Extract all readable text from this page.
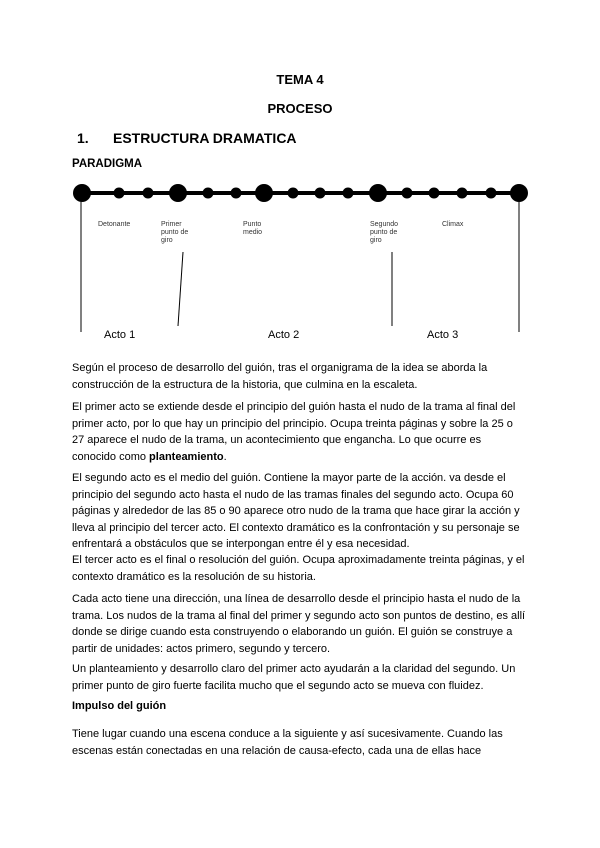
TEMA 4
PROCESO
1. ESTRUCTURA DRAMATICA
PARADIGMA
Detonante	Primer
punto de
giro
Punto
medio
Segundo
punto de
giro
Climax
Acto 1	Acto 2	Acto 3

Según el proceso de desarrollo del guión, tras el organigrama de la idea se aborda la construcción de la estructura de la historia, que culmina en la escaleta.

El primer acto se extiende desde el principio del guión hasta el nudo de la trama al final del primer acto, por lo que hay un principio del principio. Ocupa treinta páginas y sobre la 25 o 27 aparece el nudo de la trama, un acontecimiento que engancha. Lo que ocurre es conocido como planteamiento.

El segundo acto es el medio del guión. Contiene la mayor parte de la acción. va desde el principio del segundo acto hasta el nudo de las tramas finales del segundo acto. Ocupa 60 páginas y alrededor de las 85 o 90 aparece otro nudo de la trama que hace girar la acción y lleva al principio del tercer acto. El contexto dramático es la confrontación y su personaje se enfrentará a obstáculos que se interpongan entre él y esa necesidad.

El tercer acto es el final o resolución del guión. Ocupa aproximadamente treinta páginas, y el contexto dramático es la resolución de su historia.

Cada acto tiene una dirección, una línea de desarrollo desde el principio hasta el nudo de la trama. Los nudos de la trama al final del primer y segundo acto son puntos de destino, es allí donde se dirige cuando esta construyendo o elaborando un guión. El guión se construye a partir de unidades: actos primero, segundo y tercero.

Un planteamiento y desarrollo claro del primer acto ayudarán a la claridad del segundo. Un primer punto de giro fuerte facilita mucho que el segundo acto se mueva con fluidez.

Impulso del guión

Tiene lugar cuando una escena conduce a la siguiente y así sucesivamente. Cuando las escenas están conectadas en una relación de causa-efecto, cada una de ellas hace
